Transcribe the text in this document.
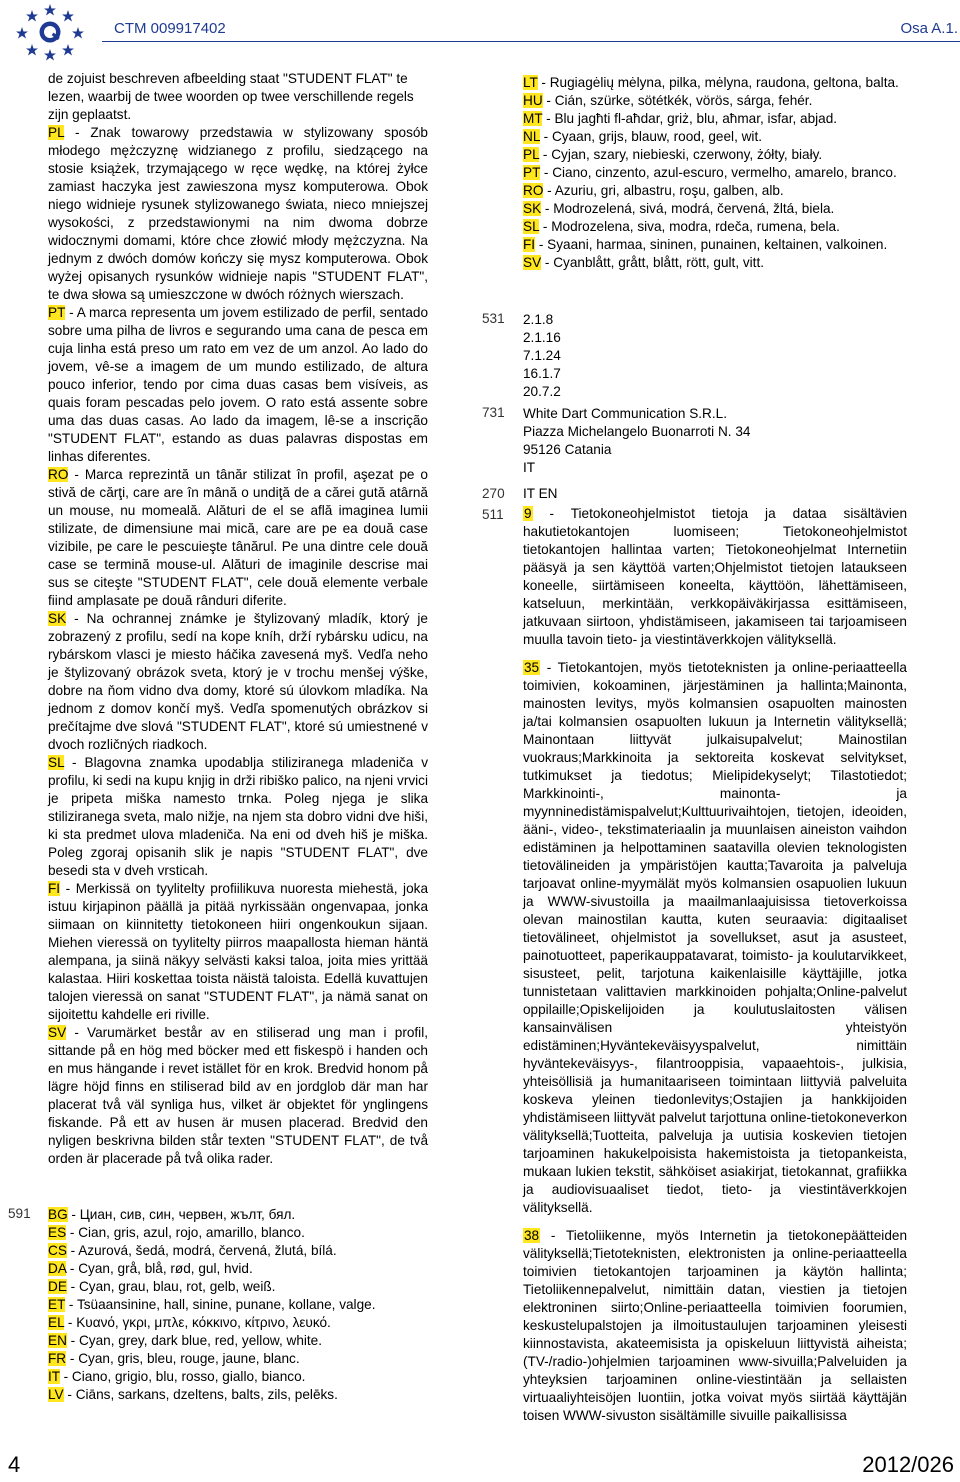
CTM 009917402	Osa A.1.

de zojuist beschreven afbeelding staat "STUDENT FLAT" te lezen, waarbij de twee woorden op twee verschillende regels zijn geplaatst.

PL - Znak towarowy przedstawia w stylizowany sposób młodego mężczyznę widzianego z profilu, siedzącego na stosie książek, trzymającego w ręce wędkę, na której żyłce zamiast haczyka jest zawieszona mysz komputerowa. Obok niego widnieje rysunek stylizowanego świata, nieco mniejszej wysokości, z przedstawionymi na nim dwoma dobrze widocznymi domami, które chce złowić młody mężczyzna. Na jednym z dwóch domów kończy się mysz komputerowa. Obok wyżej opisanych rysunków widnieje napis "STUDENT FLAT", te dwa słowa są umieszczone w dwóch różnych wierszach.

PT - A marca representa um jovem estilizado de perfil, sentado sobre uma pilha de livros e segurando uma cana de pesca em cuja linha está preso um rato em vez de um anzol. Ao lado do jovem, vê-se a imagem de um mundo estilizado, de altura pouco inferior, tendo por cima duas casas bem visíveis, as quais foram pescadas pelo jovem. O rato está assente sobre uma das duas casas. Ao lado da imagem, lê-se a inscrição "STUDENT FLAT", estando as duas palavras dispostas em linhas diferentes.

RO - Marca reprezintă un tânăr stilizat în profil, aşezat pe o stivă de cărţi, care are în mână o undiţă de a cărei gută atârnă un mouse, nu momeală. Alături de el se află imaginea lumii stilizate, de dimensiune mai mică, care are pe ea două case vizibile, pe care le pescuieşte tânărul. Pe una dintre cele două case se termină mouse-ul. Alături de imaginile descrise mai sus se citeşte "STUDENT FLAT", cele două elemente verbale fiind amplasate pe două rânduri diferite.

SK - Na ochrannej známke je štylizovaný mladík, ktorý je zobrazený z profilu, sedí na kope kníh, drží rybársku udicu, na rybárskom vlasci je miesto háčika zavesená myš. Vedľa neho je štylizovaný obrázok sveta, ktorý je v trochu menšej výške, dobre na ňom vidno dva domy, ktoré sú úlovkom mladíka. Na jednom z domov končí myš. Vedľa spomenutých obrázkov si prečítajme dve slová "STUDENT FLAT", ktoré sú umiestnené v dvoch rozličných riadkoch.

SL - Blagovna znamka upodablja stiliziranega mladeniča v profilu, ki sedi na kupu knjig in drži ribiško palico, na njeni vrvici je pripeta miška namesto trnka. Poleg njega je slika stiliziranega sveta, malo nižje, na njem sta dobro vidni dve hiši, ki sta predmet ulova mladeniča. Na eni od dveh hiš je miška. Poleg zgoraj opisanih slik je napis "STUDENT FLAT", dve besedi sta v dveh vrsticah.

FI - Merkissä on tyylitelty profiilikuva nuoresta miehestä, joka istuu kirjapinon päällä ja pitää nyrkissään ongenvapaa, jonka siimaan on kiinnitetty tietokoneen hiiri ongenkoukun sijaan. Miehen vieressä on tyylitelty piirros maapallosta hieman häntä alempana, ja siinä näkyy selvästi kaksi taloa, joita mies yrittää kalastaa. Hiiri koskettaa toista näistä taloista. Edellä kuvattujen talojen vieressä on sanat "STUDENT FLAT", ja nämä sanat on sijoitettu kahdelle eri riville.

SV - Varumärket består av en stiliserad ung man i profil, sittande på en hög med böcker med ett fiskespö i handen och en mus hängande i revet istället för en krok. Bredvid honom på lägre höjd finns en stiliserad bild av en jordglob där man har placerat två väl synliga hus, vilket är objektet för ynglingens fiskande. På ett av husen är musen placerad. Bredvid den nyligen beskrivna bilden står texten "STUDENT FLAT", de två orden är placerade på två olika rader.

591 BG - Циан, сив, син, червен, жълт, бял.
ES - Cian, gris, azul, rojo, amarillo, blanco.
CS - Azurová, šedá, modrá, červená, žlutá, bílá.
DA - Cyan, grå, blå, rød, gul, hvid.
DE - Cyan, grau, blau, rot, gelb, weiß.
ET - Tsüaansinine, hall, sinine, punane, kollane, valge.
EL - Κυανό, γκρι, μπλε, κόκκινο, κίτρινο, λευκό.
EN - Cyan, grey, dark blue, red, yellow, white.
FR - Cyan, gris, bleu, rouge, jaune, blanc.
IT - Ciano, grigio, blu, rosso, giallo, bianco.
LV - Ciāns, sarkans, dzeltens, balts, zils, pelēks.

LT - Rugiagėlių mėlyna, pilka, mėlyna, raudona, geltona, balta.

HU - Cián, szürke, sötétkék, vörös, sárga, fehér.

MT - Blu jagħti fl-aħdar, griż, blu, aħmar, isfar, abjad.

NL - Cyaan, grijs, blauw, rood, geel, wit.

PL - Cyjan, szary, niebieski, czerwony, żółty, biały.

PT - Ciano, cinzento, azul-escuro, vermelho, amarelo, branco.

RO - Azuriu, gri, albastru, roşu, galben, alb.

SK - Modrozelená, sivá, modrá, červená, žltá, biela.

SL - Modrozelena, siva, modra, rdeča, rumena, bela.

FI - Syaani, harmaa, sininen, punainen, keltainen, valkoinen.

SV - Cyanblått, grått, blått, rött, gult, vitt.

531 2.1.8
2.1.16
7.1.24
16.1.7
20.7.2
731 White Dart Communication S.R.L.
Piazza Michelangelo Buonarroti N. 34
95126 Catania
IT
270 IT EN
511 9 - Tietokoneohjelmistot tietoja ja dataa sisältävien hakutietokantojen luomiseen; Tietokoneohjelmistot tietokantojen hallintaa varten; Tietokoneohjelmat Internetiin pääsyä ja sen käyttöä varten;Ohjelmistot tietojen lataukseen koneelle, siirtämiseen koneelta, käyttöön, lähettämiseen, katseluun, merkintään, verkkopäiväkirjassa esittämiseen, jatkuvaan siirtoon, yhdistämiseen, jakamiseen tai tarjoamiseen muulla tavoin tieto- ja viestintäverkkojen välityksellä.

35 - Tietokantojen, myös tietoteknisten ja online-periaatteella toimivien, kokoaminen, järjestäminen ja hallinta;Mainonta, mainosten levitys, myös kolmansien osapuolten mainosten ja/tai kolmansien osapuolten lukuun ja Internetin välityksellä; Mainontaan liittyvät julkaisupalvelut; Mainostilan vuokraus;Markkinoita ja sektoreita koskevat selvitykset, tutkimukset ja tiedotus; Mielipidekyselyt; Tilastotiedot; Markkinointi-, mainonta- ja myynninedistämispalvelut;Kulttuurivaihtojen, tietojen, ideoiden, ääni-, video-, tekstimateriaalin ja muunlaisen aineiston vaihdon edistäminen ja helpottaminen saatavilla olevien teknologisten tietovälineiden ja ympäristöjen kautta;Tavaroita ja palveluja tarjoavat online-myymälät myös kolmansien osapuolien lukuun ja WWW-sivustoilla ja maailmanlaajuisissa tietoverkoissa olevan mainostilan kautta, kuten seuraavia: digitaaliset tietovälineet, ohjelmistot ja sovellukset, asut ja asusteet, painotuotteet, paperikauppatavarat, toimisto- ja koulutarvikkeet, sisusteet, pelit, tarjotuna kaikenlaisille käyttäjille, jotka tunnistetaan valittavien markkinoiden pohjalta;Online-palvelut oppilaille;Opiskelijoiden ja koulutuslaitosten välisen kansainvälisen yhteistyön edistäminen;Hyväntekeväisyyspalvelut, nimittäin hyväntekeväisyys-, filantrooppisia, vapaaehtois-, julkisia, yhteisöllisiä ja humanitaariseen toimintaan liittyviä palveluita koskeva yleinen tiedonlevitys;Ostajien ja hankkijoiden yhdistämiseen liittyvät palvelut tarjottuna online-tietokoneverkon välityksellä;Tuotteita, palveluja ja uutisia koskevien tietojen tarjoaminen hakukelpoisista hakemistoista ja tietopankeista, mukaan lukien tekstit, sähköiset asiakirjat, tietokannat, grafiikka ja audiovisuaaliset tiedot, tieto- ja viestintäverkkojen välityksellä.

38 - Tietoliikenne, myös Internetin ja tietokonepäätteiden välityksellä;Tietoteknisten, elektronisten ja online-periaatteella toimivien tietokantojen tarjoaminen ja käytön hallinta; Tietoliikennepalvelut, nimittäin datan, viestien ja tietojen elektroninen siirto;Online-periaatteella toimivien foorumien, keskustelupalstojen ja ilmoitustaulujen tarjoaminen yleisesti kiinnostavista, akateemisista ja opiskeluun liittyvistä aiheista; (TV-/radio-)ohjelmien tarjoaminen www-sivuilla;Palveluiden ja yhteyksien tarjoaminen online-viestintään ja sellaisten virtuaaliyhteisöjen luontiin, jotka voivat myös siirtää käyttäjän toisen WWW-sivuston sisältämille sivuille paikallisissa

4	2012/026
